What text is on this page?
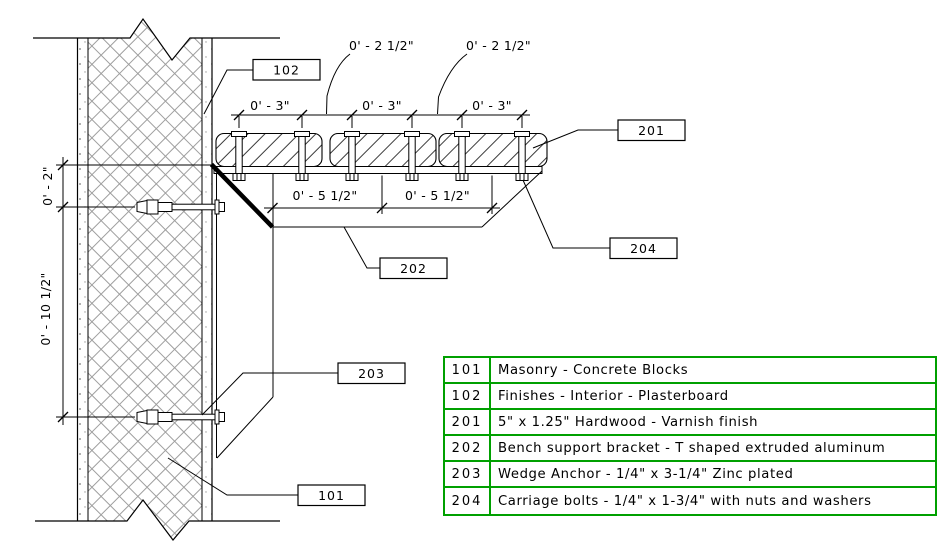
0' - 2"
0' - 10 1/2"
0' - 3"	0' - 3"	0' - 3"
0' - 2 1/2"	0' - 2 1/2"
0' - 5 1/2"	0' - 5 1/2"
102
201
204
202
203
101
101	Masonry - Concrete Blocks
102	Finishes - Interior - Plasterboard
201	5" x 1.25" Hardwood - Varnish finish
202	Bench support bracket - T shaped extruded aluminum
203	Wedge Anchor - 1/4" x 3-1/4" Zinc plated
204	Carriage bolts - 1/4" x 1-3/4" with nuts and washers
